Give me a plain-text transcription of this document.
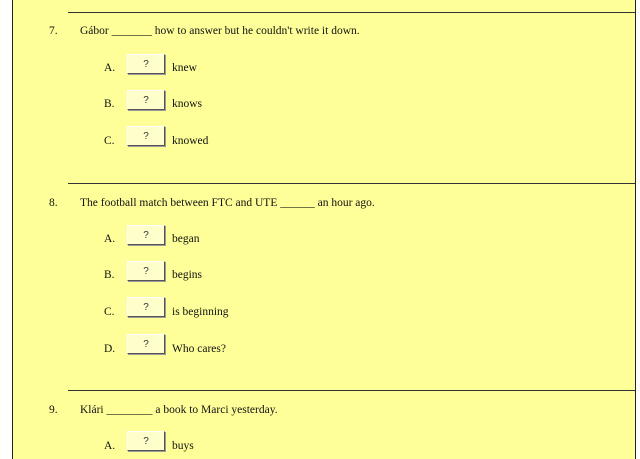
7. Gábor _______ how to answer but he couldn't write it down.
A.	?	knew
B.	?	knows
C.	?	knowed
8. The football match between FTC and UTE ______ an hour ago.
A.	?	began
B.	?	begins
C.	?	is beginning
D.	?	Who cares?
9. Klári ________ a book to Marci yesterday.
A.	?	buys
